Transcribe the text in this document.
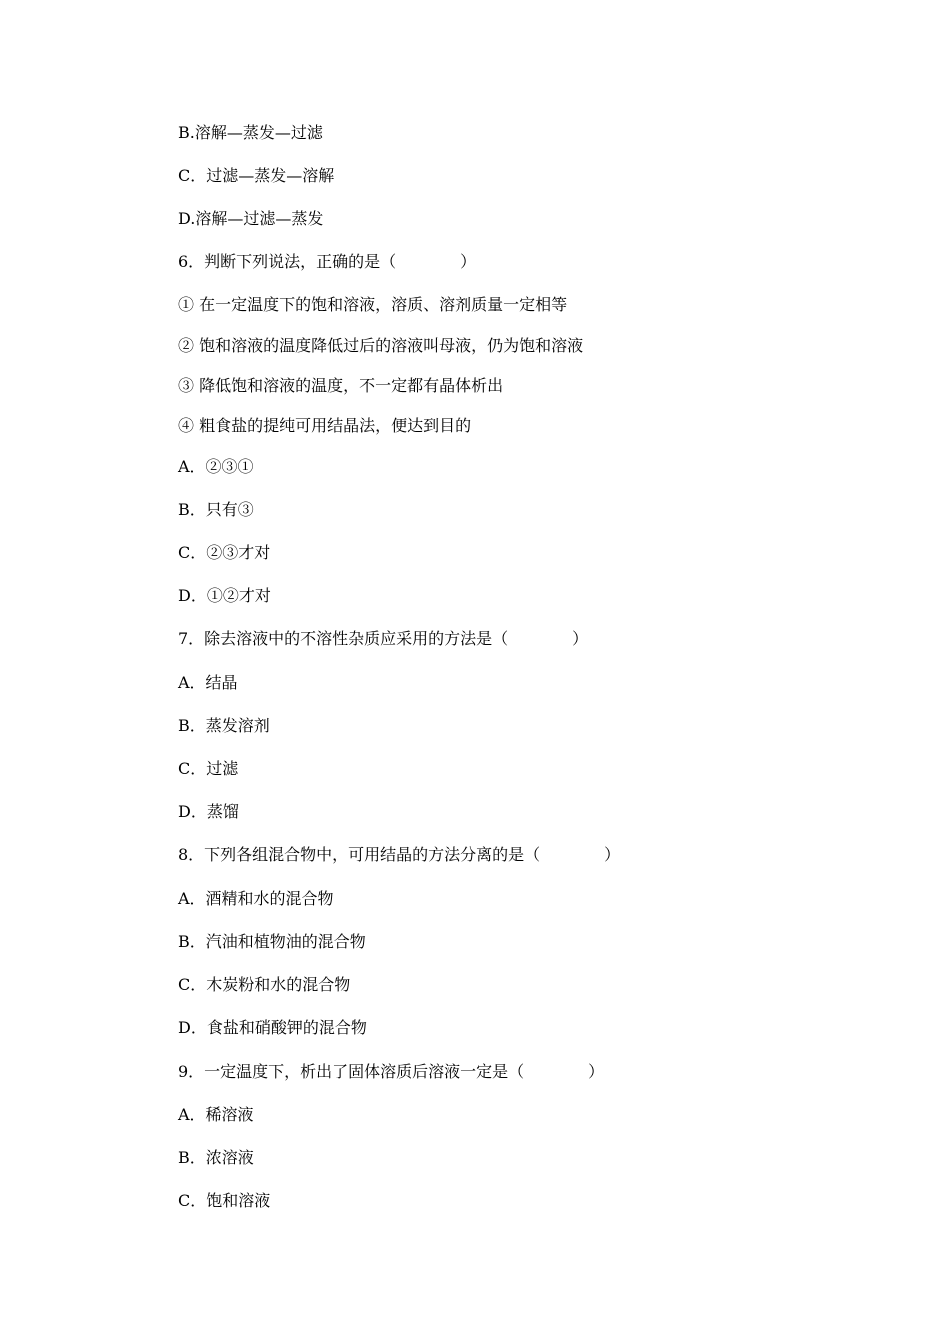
B.溶解—蒸发—过滤

C．过滤—蒸发—溶解

D.溶解—过滤—蒸发

6．判断下列说法，正确的是（　　　　）

① 在一定温度下的饱和溶液，溶质、溶剂质量一定相等

② 饱和溶液的温度降低过后的溶液叫母液，仍为饱和溶液

③ 降低饱和溶液的温度，不一定都有晶体析出

④ 粗食盐的提纯可用结晶法，便达到目的

A．②③①

B．只有③

C．②③才对

D．①②才对

7．除去溶液中的不溶性杂质应采用的方法是（　　　　）

A．结晶

B．蒸发溶剂

C．过滤

D．蒸馏

8．下列各组混合物中，可用结晶的方法分离的是（　　　　）

A．酒精和水的混合物

B．汽油和植物油的混合物

C．木炭粉和水的混合物

D．食盐和硝酸钾的混合物

9．一定温度下，析出了固体溶质后溶液一定是（　　　　）

A．稀溶液

B．浓溶液

C．饱和溶液
